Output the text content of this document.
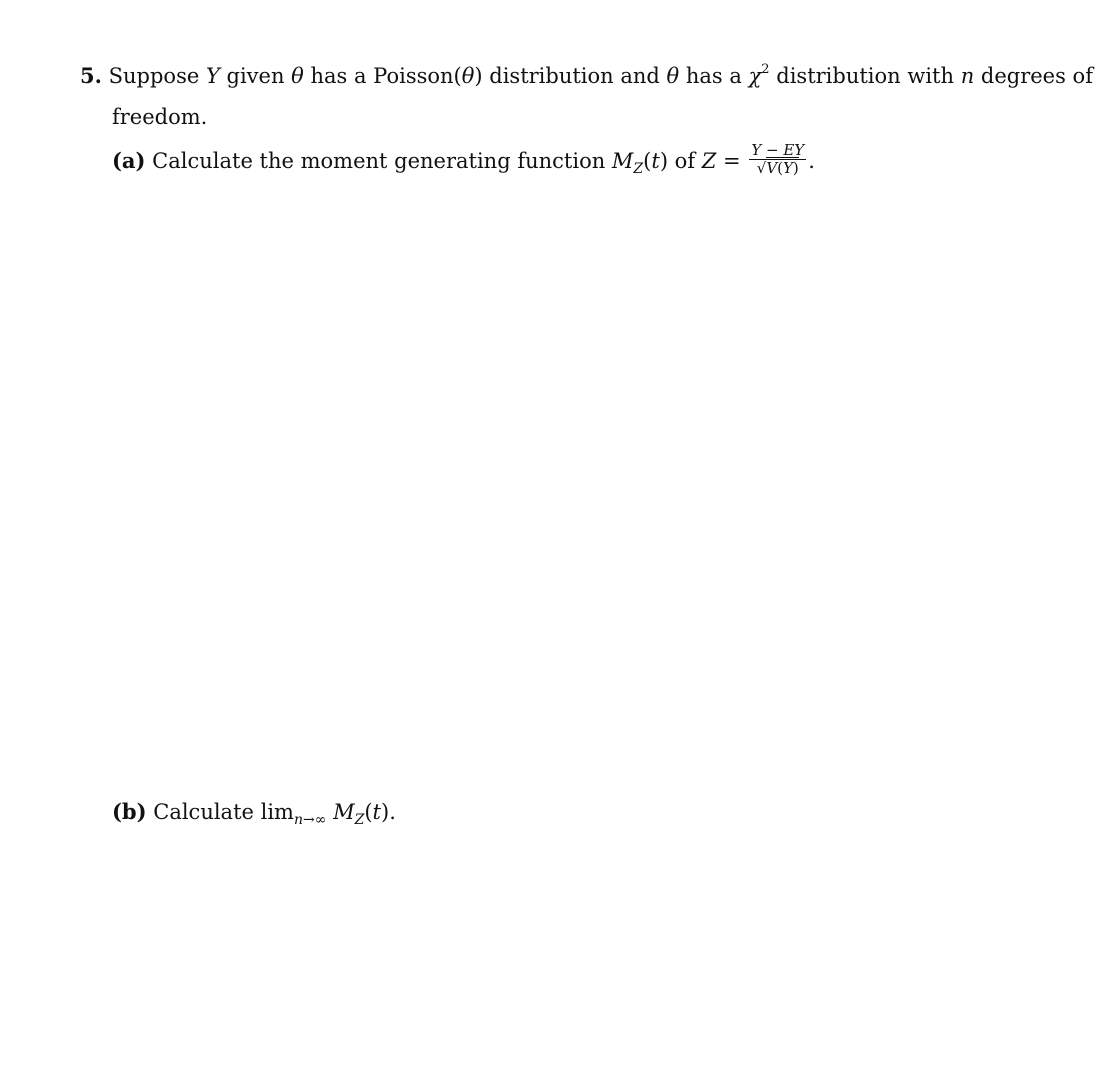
5. Suppose Y given θ has a Poisson(θ) distribution and θ has a $\chi^2$ distribution with n degrees of
freedom.
(a) Calculate the moment generating function $M_Z(t)$ of $Z = \frac{Y - EY}{√V(Y)}$ .
(b) Calculate $\lim_{n\to\infty} M_Z(t)$.
